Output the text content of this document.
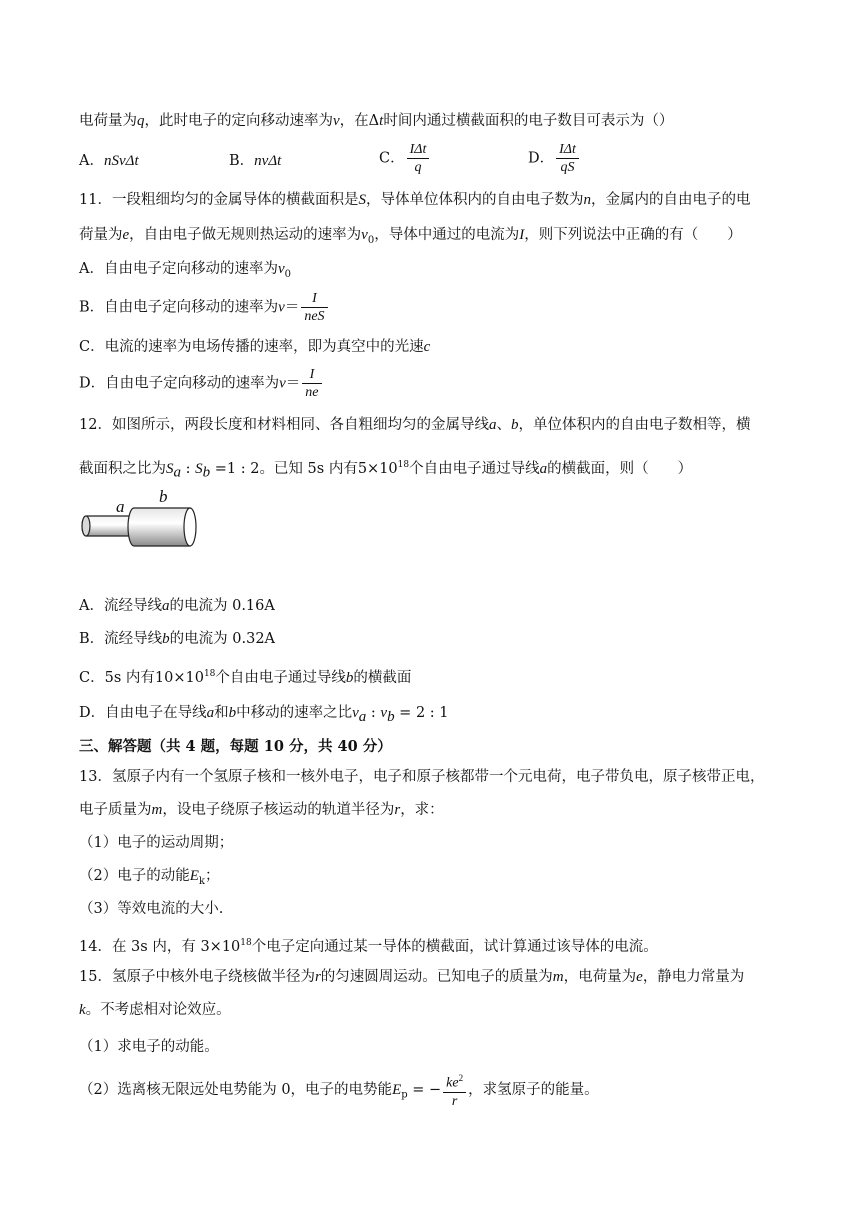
电荷量为q，此时电子的定向移动速率为v，在Δt时间内通过横截面积的电子数目可表示为（）
A．nSvΔt	B．nvΔt	C． $\frac{\text{IΔt}}{q}$	D． $\frac{\text{IΔt}}{qS}$
11．一段粗细均匀的金属导体的横截面积是S，导体单位体积内的自由电子数为n，金属内的自由电子的电
荷量为e，自由电子做无规则热运动的速率为$v_0$，导体中通过的电流为I，则下列说法中正确的有（　　）
A．自由电子定向移动的速率为$v_0$
B．自由电子定向移动的速率为$v= \frac{I}{\text{neS}}$
C．电流的速率为电场传播的速率，即为真空中的光速c
D．自由电子定向移动的速率为$v= \frac{I}{ne}$
12．如图所示，两段长度和材料相同、各自粗细均匀的金属导线a、b，单位体积内的自由电子数相等，横
截面积之比为$S_a$ : $S_b =1$ : 2。已知 5s 内有$5\times 10^{18}$个自由电子通过导线a的横截面，则（　　）
a
b
A．流经导线a的电流为 0.16A
B．流经导线b的电流为 0.32A
C．5s 内有$10\times 10^{18}$个自由电子通过导线b的横截面
D．自由电子在导线a和b中移动的速率之比$v_a$ : $v_b = 2$ : 1
三、解答题（共 4 题，每题 10 分，共 40 分）
13．氢原子内有一个氢原子核和一核外电子，电子和原子核都带一个元电荷，电子带负电，原子核带正电，
电子质量为m，设电子绕原子核运动的轨道半径为r，求：
（1）电子的运动周期；
（2）电子的动能$E_k$；
（3）等效电流的大小.
14．在 3s 内，有 $3\times 10^{18}$个电子定向通过某一导体的横截面，试计算通过该导体的电流。
15．氢原子中核外电子绕核做半径为r的匀速圆周运动。已知电子的质量为m，电荷量为e，静电力常量为
k。不考虑相对论效应。
（1）求电子的动能。
（2）选离核无限远处电势能为 0，电子的电势能$E_p$ = − $\frac{ke^2}{r}$ ，求氢原子的能量。
